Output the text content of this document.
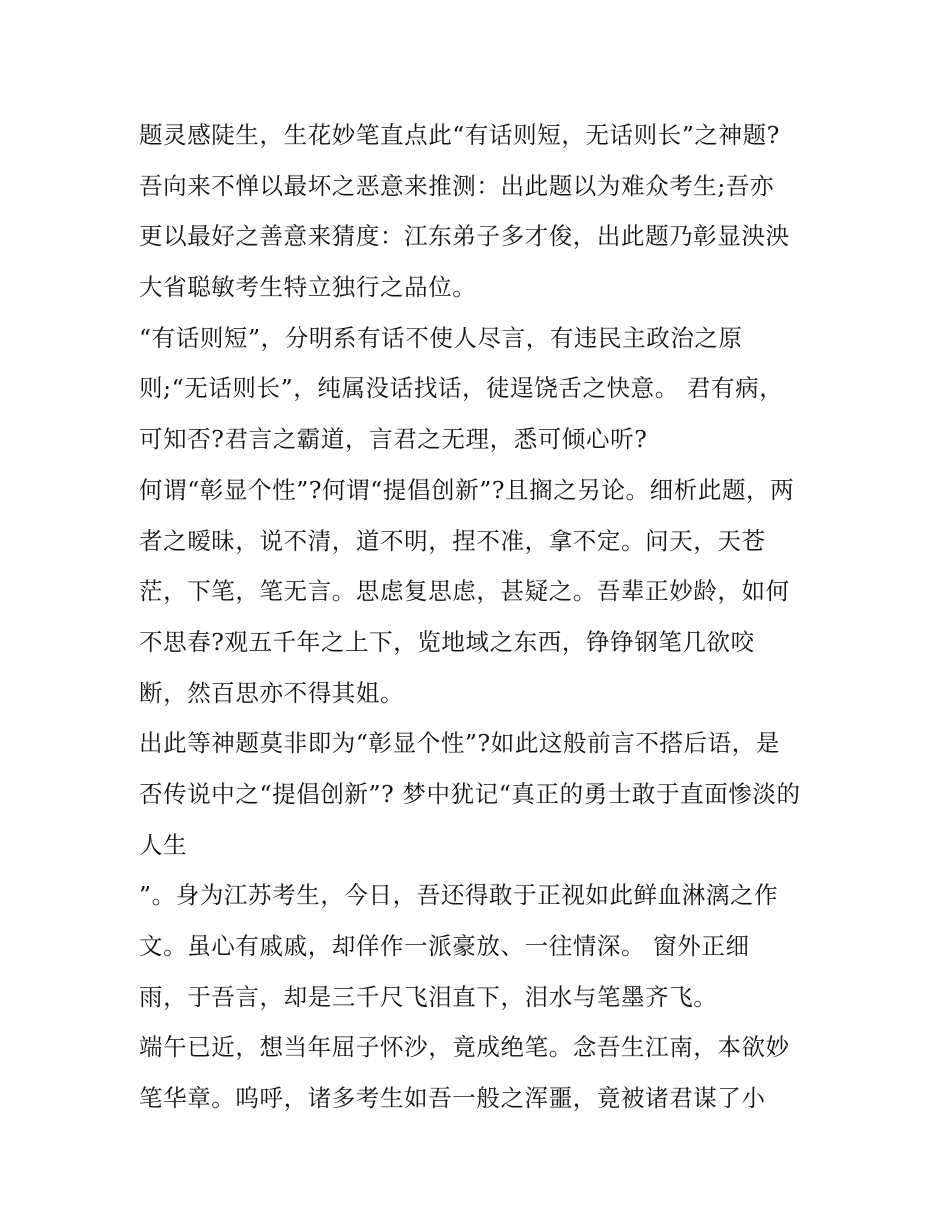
题灵感陡生，生花妙笔直点此“有话则短，无话则长”之神题?
吾向来不惮以最坏之恶意来推测：出此题以为难众考生;吾亦
更以最好之善意来猜度：江东弟子多才俊，出此题乃彰显泱泱
大省聪敏考生特立独行之品位。
“有话则短”，分明系有话不使人尽言，有违民主政治之原
则;“无话则长”，纯属没话找话，徒逞饶舌之快意。 君有病，
可知否?君言之霸道，言君之无理，悉可倾心听?
何谓“彰显个性”?何谓“提倡创新”?且搁之另论。细析此题，两
者之暧昧，说不清，道不明，捏不准，拿不定。问天，天苍
茫，下笔，笔无言。思虑复思虑，甚疑之。吾辈正妙龄，如何
不思春?观五千年之上下，览地域之东西，铮铮钢笔几欲咬
断，然百思亦不得其姐。
出此等神题莫非即为“彰显个性”?如此这般前言不搭后语，是
否传说中之“提倡创新”? 梦中犹记“真正的勇士敢于直面惨淡的
人生
”。身为江苏考生，今日，吾还得敢于正视如此鲜血淋漓之作
文。虽心有戚戚，却佯作一派豪放、一往情深。 窗外正细
雨，于吾言，却是三千尺飞泪直下，泪水与笔墨齐飞。
端午已近，想当年屈子怀沙，竟成绝笔。念吾生江南，本欲妙
笔华章。呜呼，诸多考生如吾一般之浑噩，竟被诸君谋了小
